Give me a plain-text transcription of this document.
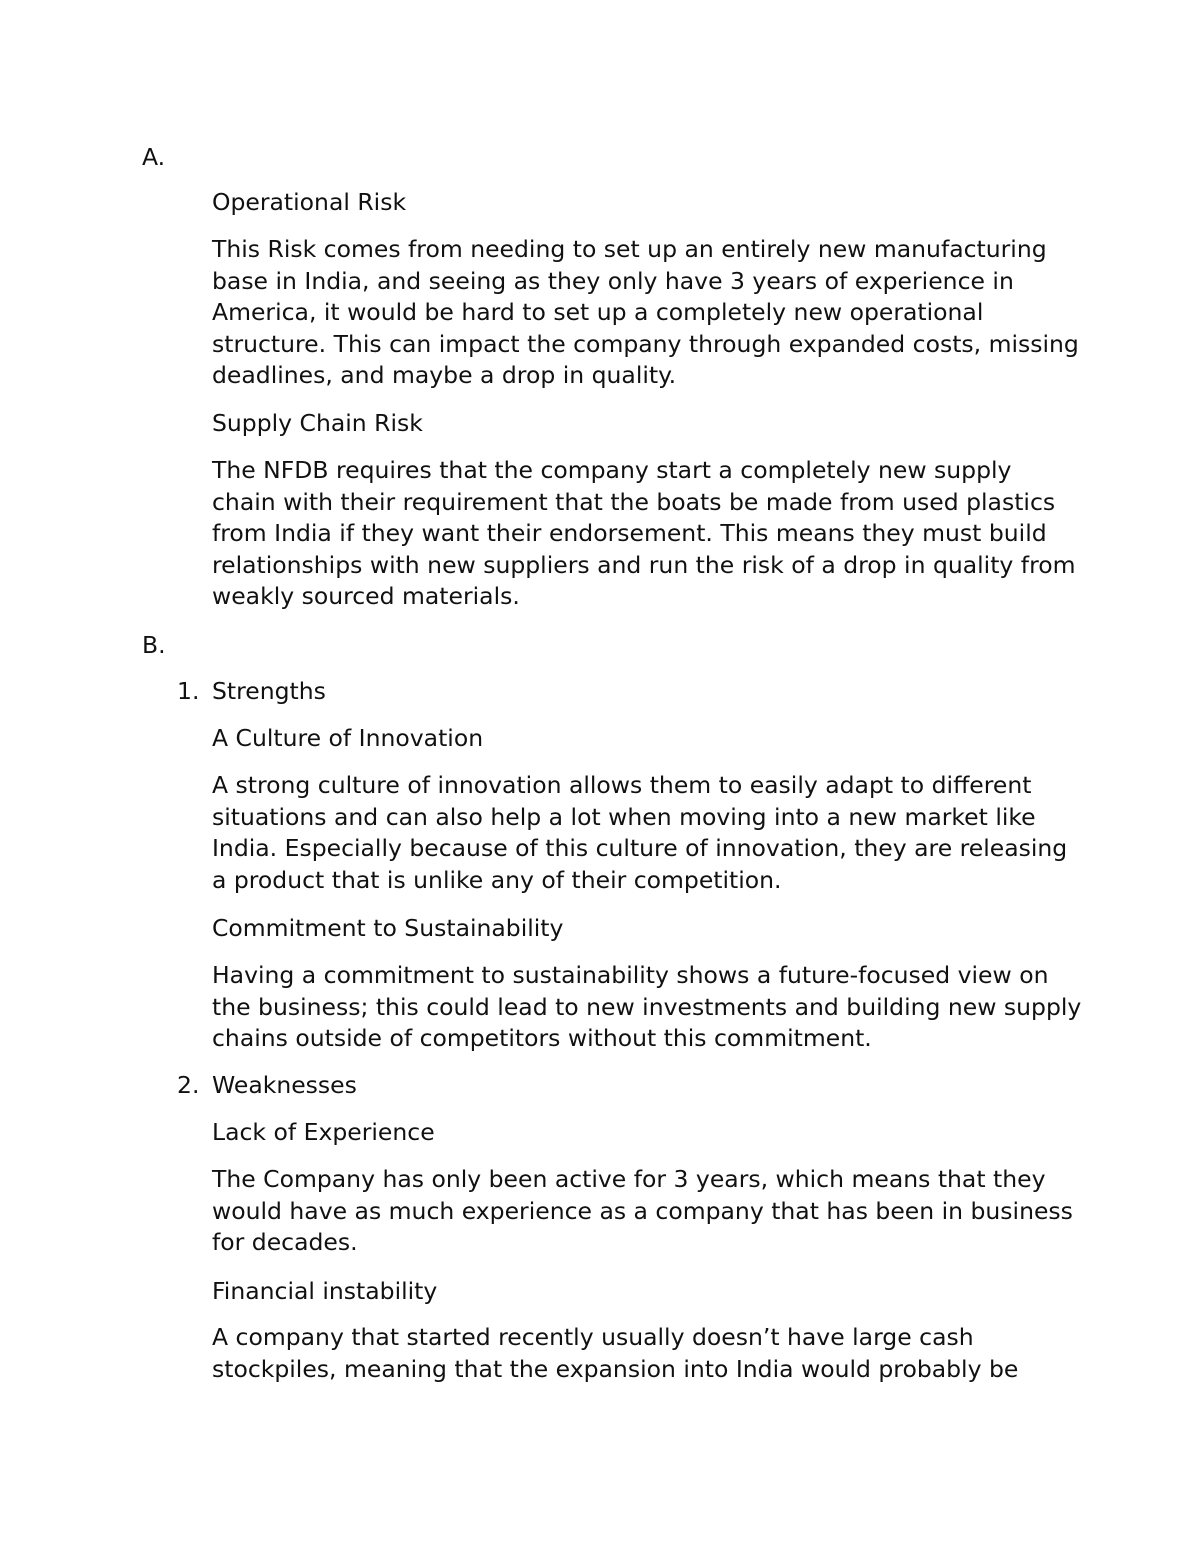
A.

Operational Risk

This Risk comes from needing to set up an entirely new manufacturing base in India, and seeing as they only have 3 years of experience in America, it would be hard to set up a completely new operational structure. This can impact the company through expanded costs, missing deadlines, and maybe a drop in quality.

Supply Chain Risk

The NFDB requires that the company start a completely new supply chain with their requirement that the boats be made from used plastics from India if they want their endorsement. This means they must build relationships with new suppliers and run the risk of a drop in quality from weakly sourced materials.

B.

1. Strengths

A Culture of Innovation

A strong culture of innovation allows them to easily adapt to different situations and can also help a lot when moving into a new market like India. Especially because of this culture of innovation, they are releasing a product that is unlike any of their competition.

Commitment to Sustainability

Having a commitment to sustainability shows a future-focused view on the business; this could lead to new investments and building new supply chains outside of competitors without this commitment.

2. Weaknesses

Lack of Experience

The Company has only been active for 3 years, which means that they would have as much experience as a company that has been in business for decades.

Financial instability

A company that started recently usually doesn’t have large cash stockpiles, meaning that the expansion into India would probably be
